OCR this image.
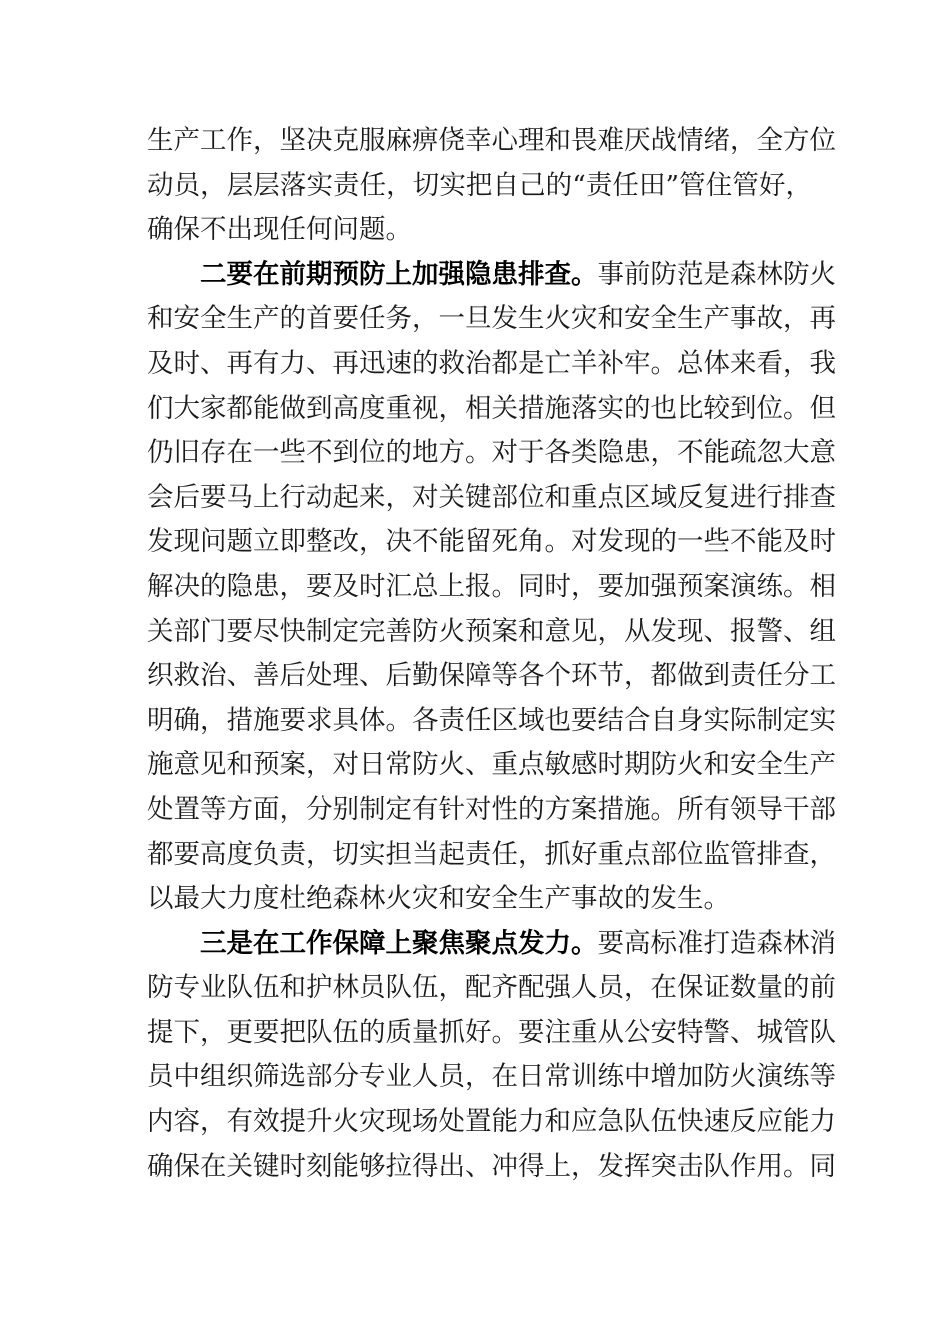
生产工作，坚决克服麻痹侥幸心理和畏难厌战情绪，全方位
动员，层层落实责任，切实把自己的“责任田”管住管好，
确保不出现任何问题。
二要在前期预防上加强隐患排查。事前防范是森林防火
和安全生产的首要任务，一旦发生火灾和安全生产事故，再
及时、再有力、再迅速的救治都是亡羊补牢。总体来看，我
们大家都能做到高度重视，相关措施落实的也比较到位。但
仍旧存在一些不到位的地方。对于各类隐患，不能疏忽大意
会后要马上行动起来，对关键部位和重点区域反复进行排查
发现问题立即整改，决不能留死角。对发现的一些不能及时
解决的隐患，要及时汇总上报。同时，要加强预案演练。相
关部门要尽快制定完善防火预案和意见，从发现、报警、组
织救治、善后处理、后勤保障等各个环节，都做到责任分工
明确，措施要求具体。各责任区域也要结合自身实际制定实
施意见和预案，对日常防火、重点敏感时期防火和安全生产
处置等方面，分别制定有针对性的方案措施。所有领导干部
都要高度负责，切实担当起责任，抓好重点部位监管排查，
以最大力度杜绝森林火灾和安全生产事故的发生。
三是在工作保障上聚焦聚点发力。要高标准打造森林消
防专业队伍和护林员队伍，配齐配强人员，在保证数量的前
提下，更要把队伍的质量抓好。要注重从公安特警、城管队
员中组织筛选部分专业人员，在日常训练中增加防火演练等
内容，有效提升火灾现场处置能力和应急队伍快速反应能力
确保在关键时刻能够拉得出、冲得上，发挥突击队作用。同
